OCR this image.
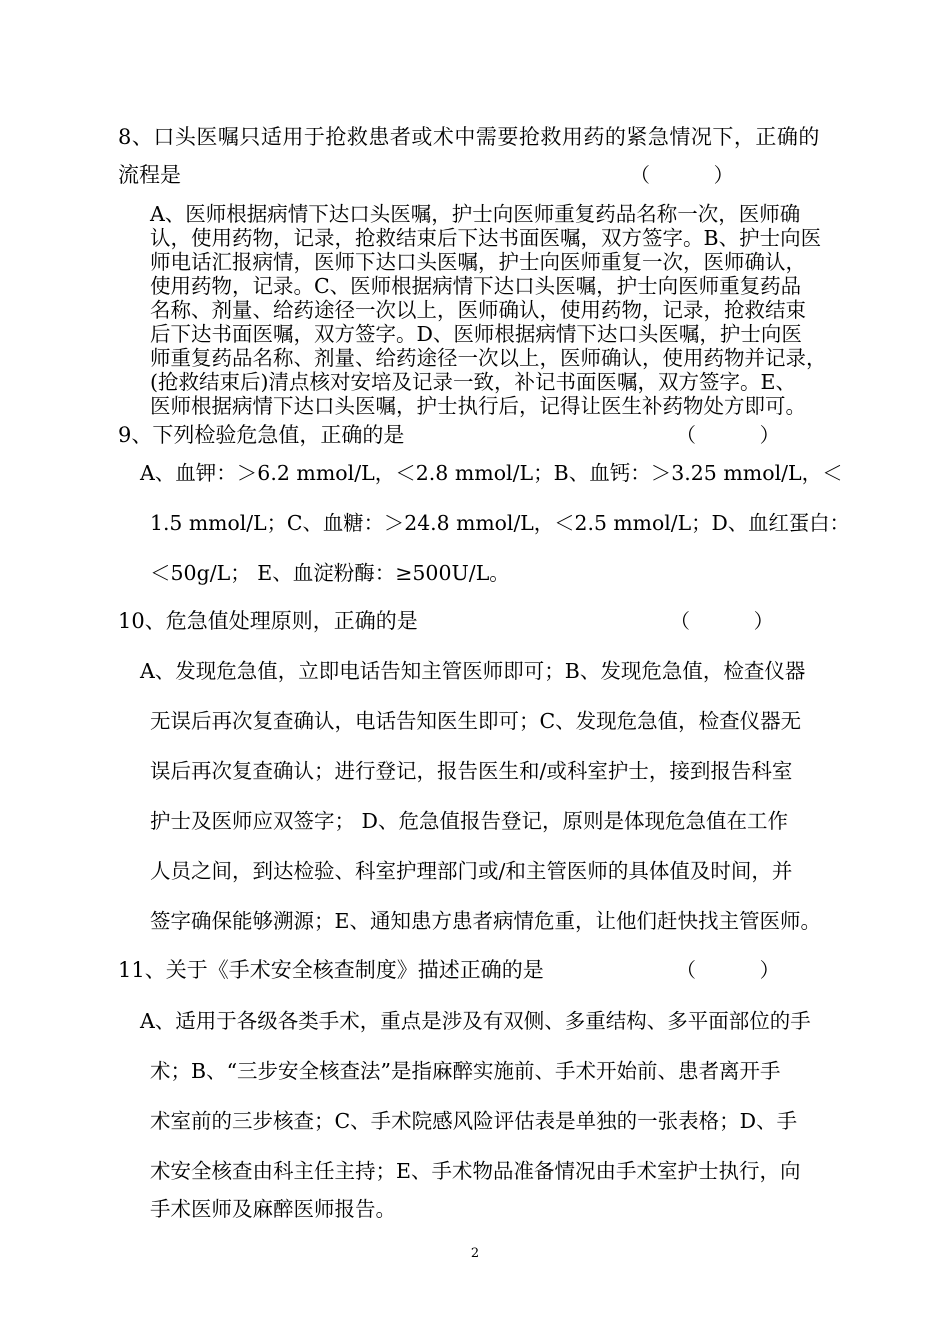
8、口头医嘱只适用于抢救患者或术中需要抢救用药的紧急情况下，正确的
流程是	（          ）
A、医师根据病情下达口头医嘱，护士向医师重复药品名称一次，医师确
认，使用药物，记录，抢救结束后下达书面医嘱，双方签字。B、护士向医
师电话汇报病情，医师下达口头医嘱，护士向医师重复一次，医师确认，
使用药物，记录。C、医师根据病情下达口头医嘱，护士向医师重复药品
名称、剂量、给药途径一次以上，医师确认，使用药物，记录，抢救结束
后下达书面医嘱，双方签字。D、医师根据病情下达口头医嘱，护士向医
师重复药品名称、剂量、给药途径一次以上，医师确认，使用药物并记录，
(抢救结束后)清点核对安培及记录一致，补记书面医嘱，双方签字。E、
医师根据病情下达口头医嘱，护士执行后，记得让医生补药物处方即可。
9、下列检验危急值，正确的是	（          ）
A、血钾：＞6.2 mmol/L，＜2.8 mmol/L；B、血钙：＞3.25 mmol/L，＜
1.5 mmol/L；C、血糖：＞24.8 mmol/L，＜2.5 mmol/L；D、血红蛋白：
＜50g/L； E、血淀粉酶：≥500U/L。
10、危急值处理原则，正确的是	（          ）
A、发现危急值，立即电话告知主管医师即可；B、发现危急值，检查仪器
无误后再次复查确认，电话告知医生即可；C、发现危急值，检查仪器无
误后再次复查确认；进行登记，报告医生和/或科室护士，接到报告科室
护士及医师应双签字； D、危急值报告登记，原则是体现危急值在工作
人员之间，到达检验、科室护理部门或/和主管医师的具体值及时间，并
签字确保能够溯源；E、通知患方患者病情危重，让他们赶快找主管医师。
11、关于《手术安全核查制度》描述正确的是	（          ）
A、适用于各级各类手术，重点是涉及有双侧、多重结构、多平面部位的手
术；B、“三步安全核查法”是指麻醉实施前、手术开始前、患者离开手
术室前的三步核查；C、手术院感风险评估表是单独的一张表格；D、手
术安全核查由科主任主持；E、手术物品准备情况由手术室护士执行，向
手术医师及麻醉医师报告。
2
